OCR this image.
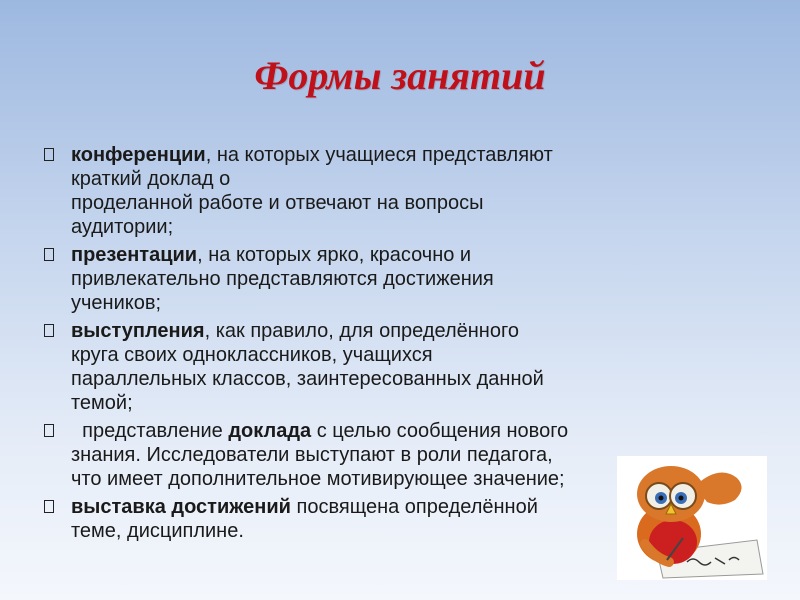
Формы занятий
конференции, на которых учащиеся представляют
краткий доклад о
проделанной работе и отвечают на вопросы
аудитории;
презентации, на которых ярко, красочно и
привлекательно представляются достижения
учеников;
выступления, как правило, для определённого
круга своих одноклассников, учащихся
параллельных классов, заинтересованных данной
темой;
представление доклада с целью сообщения нового
знания. Исследователи выступают в роли педагога,
что имеет дополнительное мотивирующее значение;
выставка достижений посвящена определённой
теме, дисциплине.
